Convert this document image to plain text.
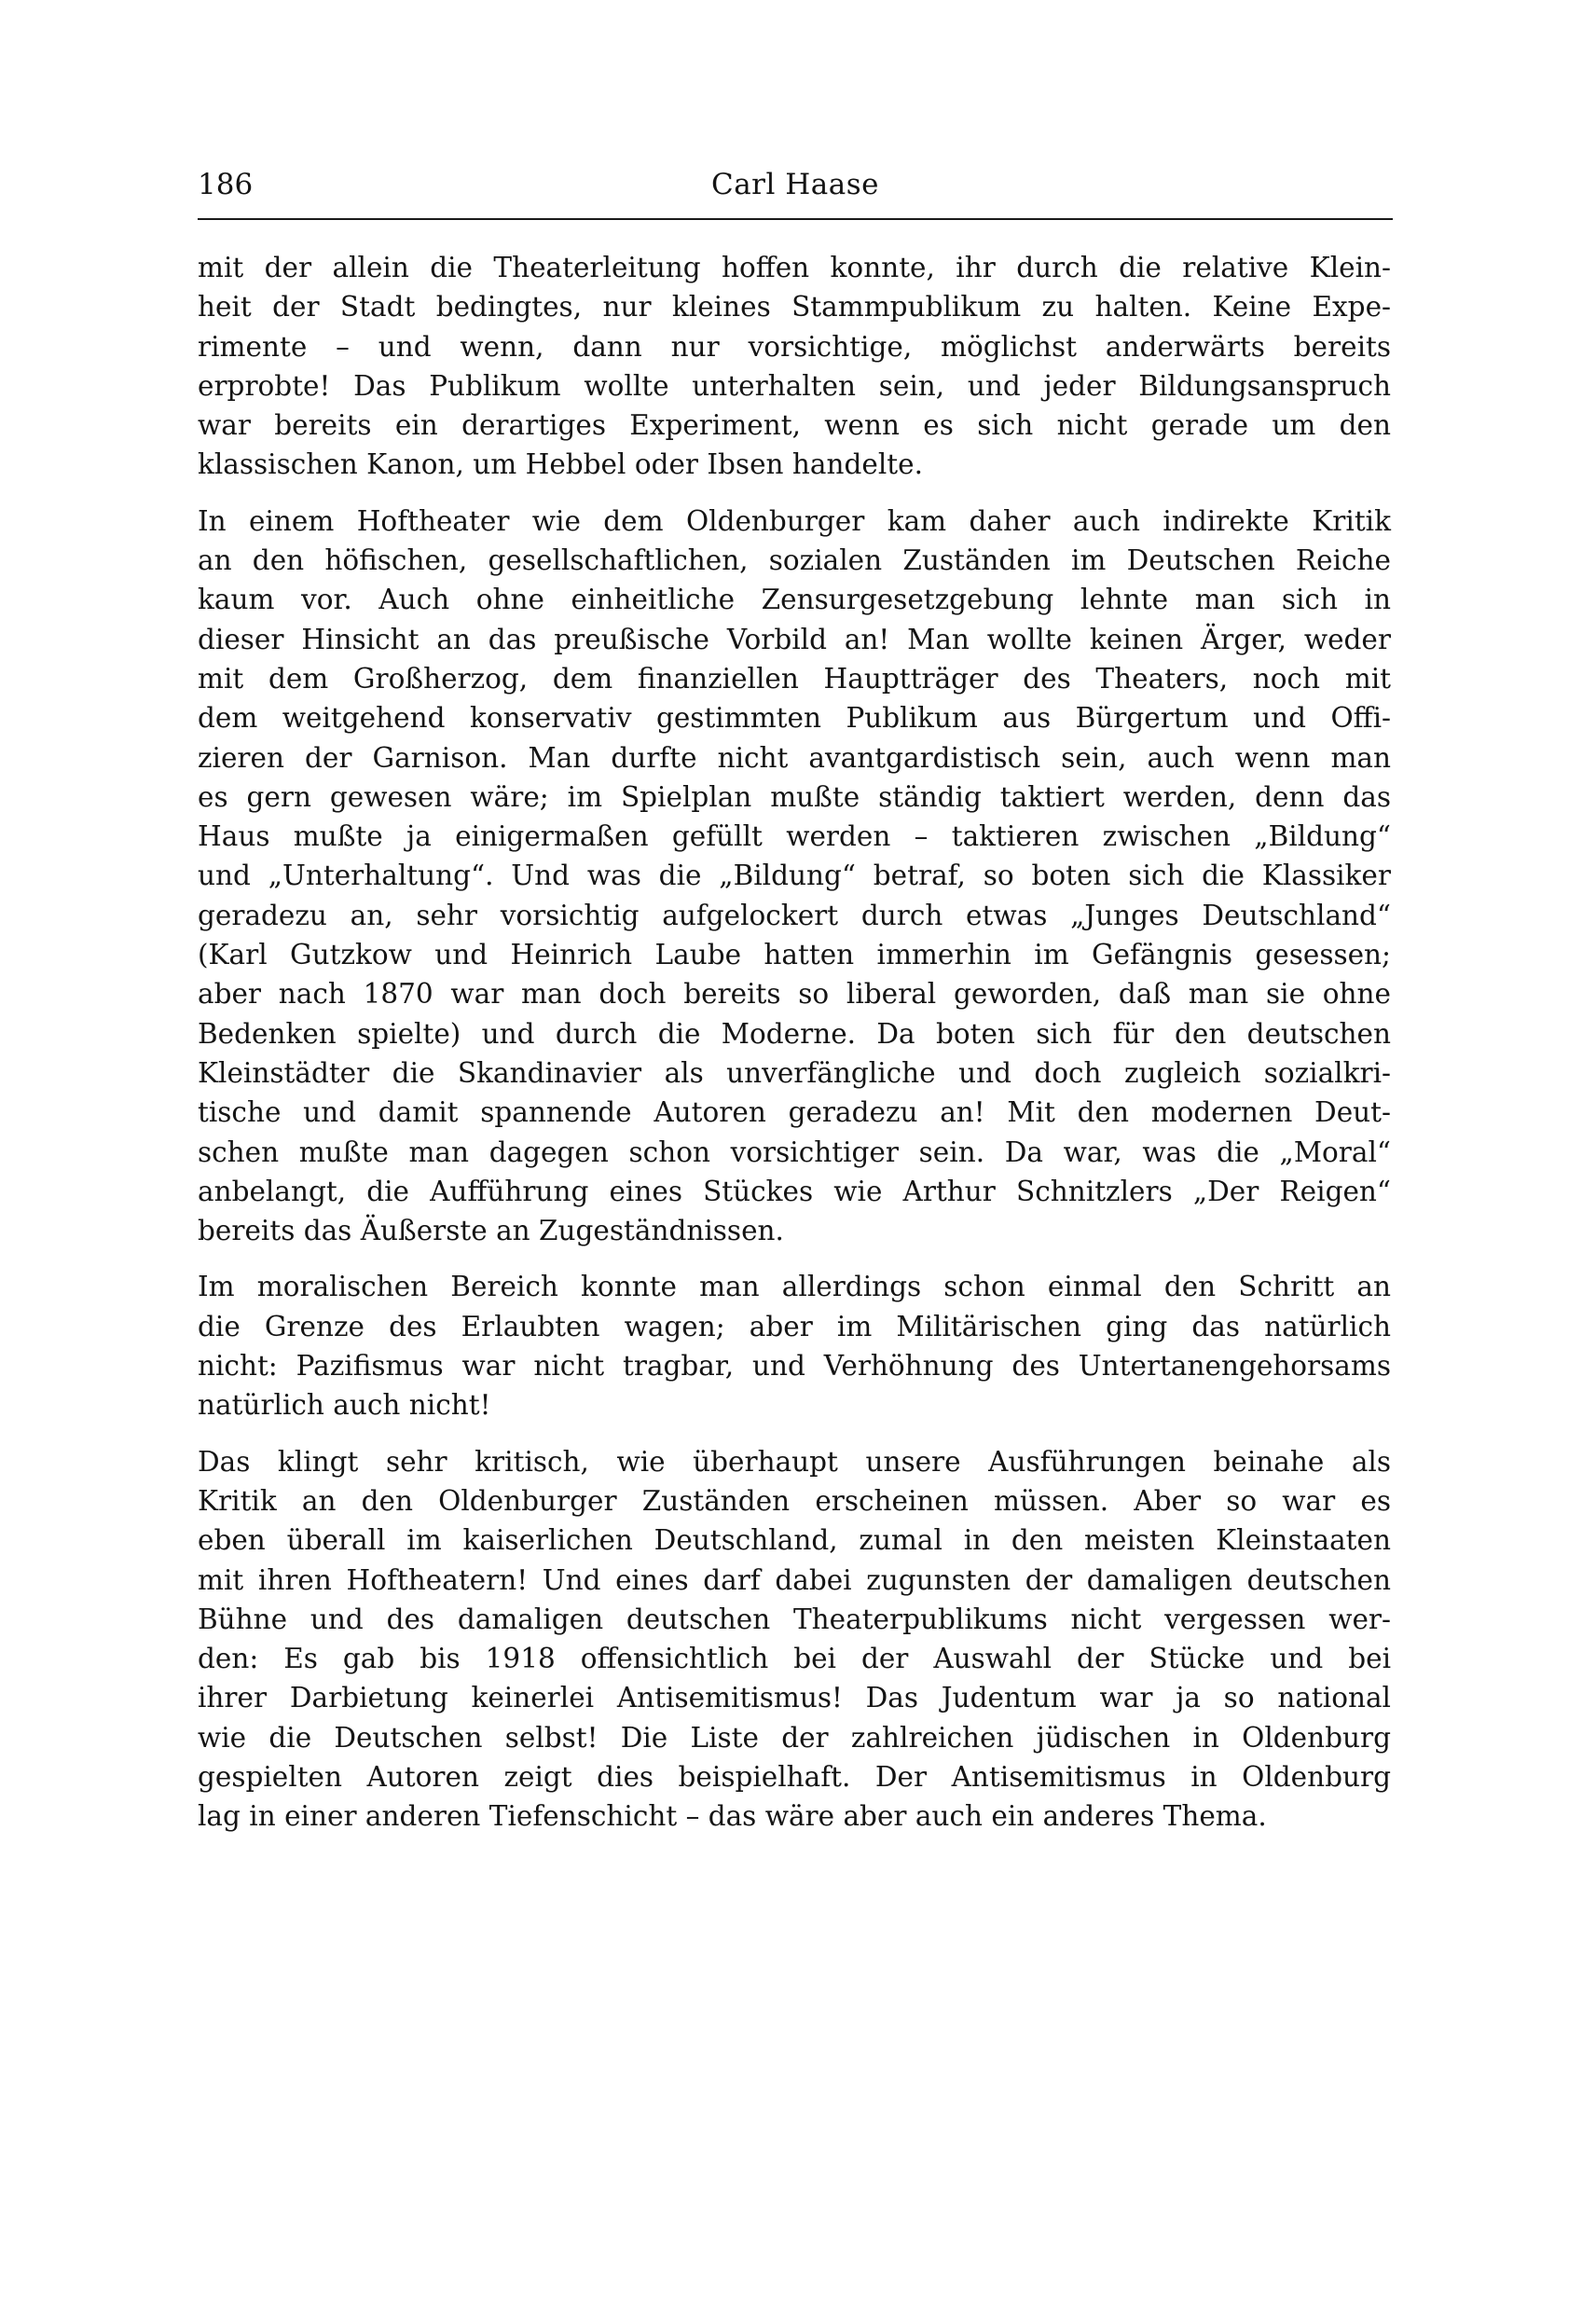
186	Carl Haase
mit der allein die Theaterleitung hoffen konnte, ihr durch die relative Klein-
heit der Stadt bedingtes, nur kleines Stammpublikum zu halten. Keine Expe-
rimente – und wenn, dann nur vorsichtige, möglichst anderwärts bereits
erprobte! Das Publikum wollte unterhalten sein, und jeder Bildungsanspruch
war bereits ein derartiges Experiment, wenn es sich nicht gerade um den
klassischen Kanon, um Hebbel oder Ibsen handelte.
In einem Hoftheater wie dem Oldenburger kam daher auch indirekte Kritik
an den höfischen, gesellschaftlichen, sozialen Zuständen im Deutschen Reiche
kaum vor. Auch ohne einheitliche Zensurgesetzgebung lehnte man sich in
dieser Hinsicht an das preußische Vorbild an! Man wollte keinen Ärger, weder
mit dem Großherzog, dem finanziellen Hauptträger des Theaters, noch mit
dem weitgehend konservativ gestimmten Publikum aus Bürgertum und Offi-
zieren der Garnison. Man durfte nicht avantgardistisch sein, auch wenn man
es gern gewesen wäre; im Spielplan mußte ständig taktiert werden, denn das
Haus mußte ja einigermaßen gefüllt werden – taktieren zwischen „Bildung“
und „Unterhaltung“. Und was die „Bildung“ betraf, so boten sich die Klassiker
geradezu an, sehr vorsichtig aufgelockert durch etwas „Junges Deutschland“
(Karl Gutzkow und Heinrich Laube hatten immerhin im Gefängnis gesessen;
aber nach 1870 war man doch bereits so liberal geworden, daß man sie ohne
Bedenken spielte) und durch die Moderne. Da boten sich für den deutschen
Kleinstädter die Skandinavier als unverfängliche und doch zugleich sozialkri-
tische und damit spannende Autoren geradezu an! Mit den modernen Deut-
schen mußte man dagegen schon vorsichtiger sein. Da war, was die „Moral“
anbelangt, die Aufführung eines Stückes wie Arthur Schnitzlers „Der Reigen“
bereits das Äußerste an Zugeständnissen.
Im moralischen Bereich konnte man allerdings schon einmal den Schritt an
die Grenze des Erlaubten wagen; aber im Militärischen ging das natürlich
nicht: Pazifismus war nicht tragbar, und Verhöhnung des Untertanengehorsams
natürlich auch nicht!
Das klingt sehr kritisch, wie überhaupt unsere Ausführungen beinahe als
Kritik an den Oldenburger Zuständen erscheinen müssen. Aber so war es
eben überall im kaiserlichen Deutschland, zumal in den meisten Kleinstaaten
mit ihren Hoftheatern! Und eines darf dabei zugunsten der damaligen deutschen
Bühne und des damaligen deutschen Theaterpublikums nicht vergessen wer-
den: Es gab bis 1918 offensichtlich bei der Auswahl der Stücke und bei
ihrer Darbietung keinerlei Antisemitismus! Das Judentum war ja so national
wie die Deutschen selbst! Die Liste der zahlreichen jüdischen in Oldenburg
gespielten Autoren zeigt dies beispielhaft. Der Antisemitismus in Oldenburg
lag in einer anderen Tiefenschicht – das wäre aber auch ein anderes Thema.
